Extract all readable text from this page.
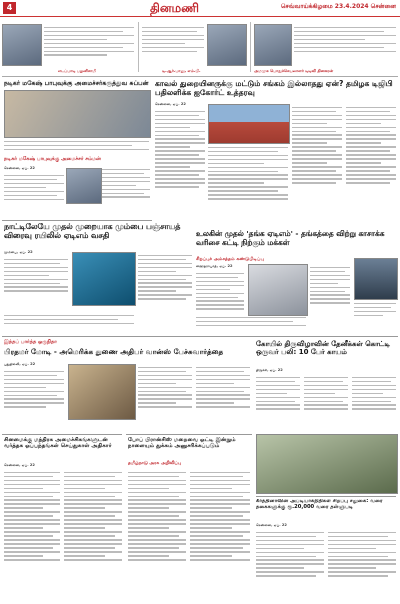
4	தினமணி	செவ்வாய்க்கிழமை 23.4.2024 சென்னை
எடப்பாடி பழனிசாமி	டி.ஆர்.பாலு, எம்.பி.	அமமுக பொதுச்செயலாளர் டிடிவி தினகரன்
நடிகர் மகேஷ் பாபுவுக்கு அமைச்சர்கருத்துவ சுப்பன்
நடிகர் மகேஷ் பாபுவுக்கு அமைச்சர் சம்மன்
சென்னை, ஏப். 22
காவல் துறையினருக்கு மட்டும் சங்கம் இல்லாதது ஏன்? தமிழக டிஜிபி பதிலளிக்க ஐகோர்ட் உத்தரவு
சென்னை, ஏப். 22
நாட்டிலேயே முதல் முறையாக மும்பை பஞ்சாயத் விரைவு ரயிலில் ஏடிஎம் வசதி
மும்பை, ஏப். 22
உலகின் முதல் 'தங்க ஏடிஎம்' - தங்கத்தை விற்று காசாக்க வரிசை கட்டி நிற்கும் மக்கள்
சிறப்புச் அம்சத்தம் கண்டுபிடிப்பு
ஹைதராபாத், ஏப். 22
இந்தப் பார்த்த ஒருநிதா
பிரதமர் மோடி - அமெரிக்க துணை அதிபர் வான்ஸ் பேச்சுவார்த்தை
புதுதில்லி, ஏப். 22
கோயில் திருவிழாவின் தேனீக்கள் கொட்டி ஒருவர் பலி: 10 பேர் காயம்
திருச்சி, ஏப். 22
சினமைக்கு மந்திரக அமைச்சிகங்களுடன் வர்த்தக ஒப்பந்தங்கள் செய்துகாள் அதிகார்
சென்னை, ஏப். 22
போப் பிரான்சிஸ் மறைவை ஒட்டி இன்றும் நாளையும் துக்கம் அனுசரிக்கப்படும்
தமிழ்நாடு அரசு அறிவிப்பு
கீர்த்தினாவின் அப்டியாக்நிதிகள் சிறப்பு சலுகை: வரை தகைகளுக்கு ரூ.20,000 வரை தள்ளுபடி
சென்னை, ஏப். 22
